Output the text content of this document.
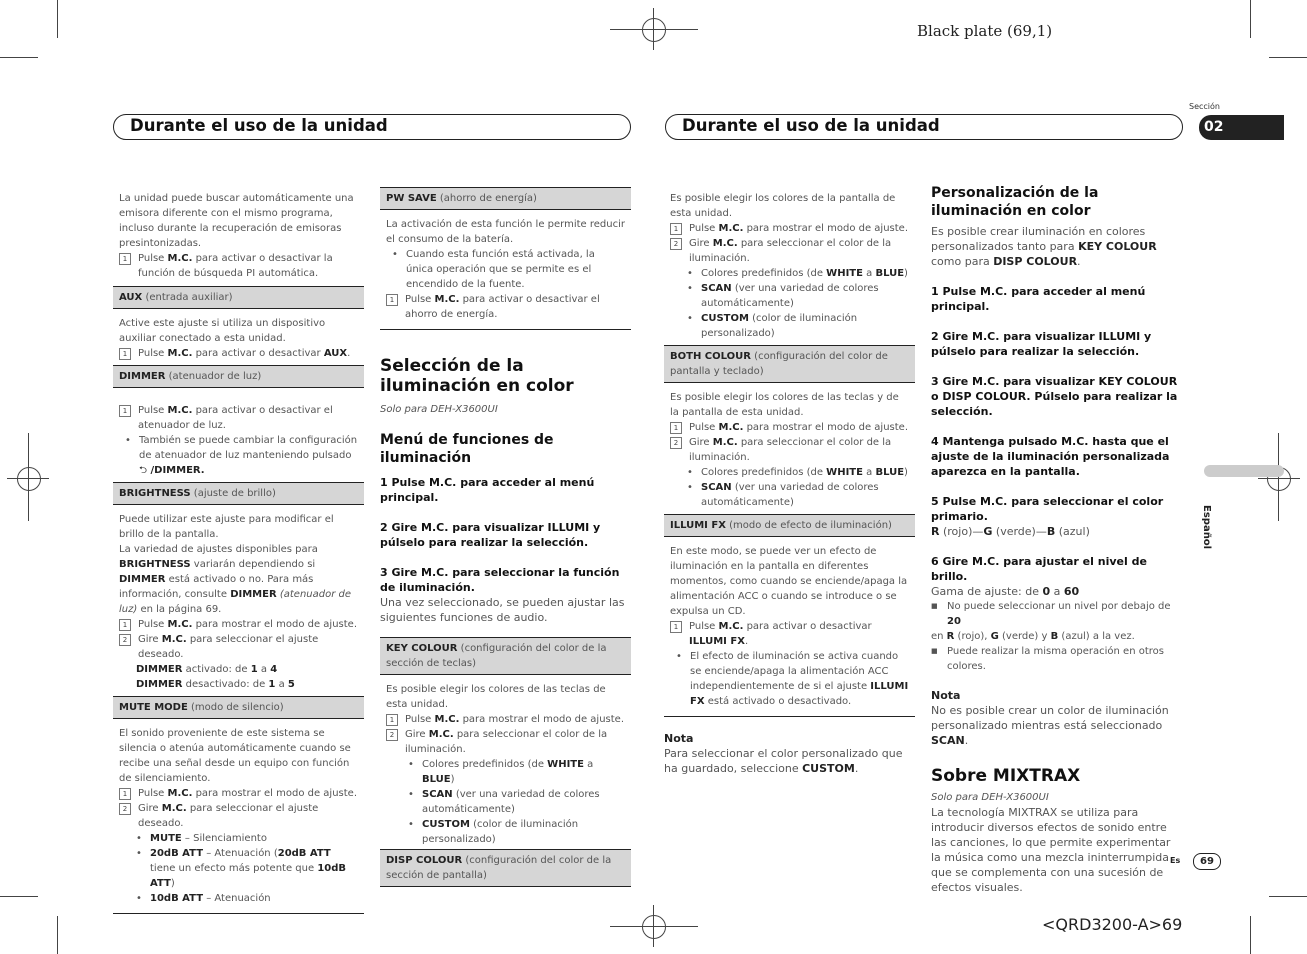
Black plate (69,1)
<QRD3200-A>69
Durante el uso de la unidad	Durante el uso de la unidad
Sección
02
Español
Es	69

La unidad puede buscar automáticamente una emisora diferente con el mismo programa, incluso durante la recuperación de emisoras presintonizadas.

1	Pulse M.C. para activar o desactivar la función de búsqueda PI automática.

AUX (entrada auxiliar)

Active este ajuste si utiliza un dispositivo auxiliar conectado a esta unidad.

1	Pulse M.C. para activar o desactivar AUX.

DIMMER (atenuador de luz)
1	Pulse M.C. para activar o desactivar el atenuador de luz.

• También se puede cambiar la configuración de atenuador de luz manteniendo pulsado ⮌ /DIMMER.

BRIGHTNESS (ajuste de brillo)

Puede utilizar este ajuste para modificar el brillo de la pantalla.

La variedad de ajustes disponibles para BRIGHTNESS variarán dependiendo si DIMMER está activado o no. Para más información, consulte DIMMER (atenuador de luz) en la página 69.

1	Pulse M.C. para mostrar el modo de ajuste.

2	Gire M.C. para seleccionar el ajuste deseado.

DIMMER activado: de 1 a 4

DIMMER desactivado: de 1 a 5

MUTE MODE (modo de silencio)

El sonido proveniente de este sistema se silencia o atenúa automáticamente cuando se recibe una señal desde un equipo con función de silenciamiento.

1	Pulse M.C. para mostrar el modo de ajuste.

2	Gire M.C. para seleccionar el ajuste deseado.

• MUTE – Silenciamiento

• 20dB ATT – Atenuación (20dB ATT tiene un efecto más potente que 10dB ATT)

• 10dB ATT – Atenuación

PW SAVE (ahorro de energía)

La activación de esta función le permite reducir el consumo de la batería.

• Cuando esta función está activada, la única operación que se permite es el encendido de la fuente.

1	Pulse M.C. para activar o desactivar el ahorro de energía.

Selección de la iluminación en color

Solo para DEH-X3600UI

Menú de funciones de iluminación

1 Pulse M.C. para acceder al menú principal.

2 Gire M.C. para visualizar ILLUMI y púlselo para realizar la selección.

3 Gire M.C. para seleccionar la función de iluminación.

Una vez seleccionado, se pueden ajustar las siguientes funciones de audio.

KEY COLOUR (configuración del color de la sección de teclas)

Es posible elegir los colores de las teclas de esta unidad.

1	Pulse M.C. para mostrar el modo de ajuste.

2	Gire M.C. para seleccionar el color de la iluminación.

• Colores predefinidos (de WHITE a BLUE)

• SCAN (ver una variedad de colores automáticamente)

• CUSTOM (color de iluminación personalizado)

DISP COLOUR (configuración del color de la sección de pantalla)

Es posible elegir los colores de la pantalla de esta unidad.

1	Pulse M.C. para mostrar el modo de ajuste.

2	Gire M.C. para seleccionar el color de la iluminación.

• Colores predefinidos (de WHITE a BLUE)

• SCAN (ver una variedad de colores automáticamente)

• CUSTOM (color de iluminación personalizado)

BOTH COLOUR (configuración del color de pantalla y teclado)

Es posible elegir los colores de las teclas y de la pantalla de esta unidad.

1	Pulse M.C. para mostrar el modo de ajuste.

2	Gire M.C. para seleccionar el color de la iluminación.

• Colores predefinidos (de WHITE a BLUE)

• SCAN (ver una variedad de colores automáticamente)

ILLUMI FX (modo de efecto de iluminación)

En este modo, se puede ver un efecto de iluminación en la pantalla en diferentes momentos, como cuando se enciende/apaga la alimentación ACC o cuando se introduce o se expulsa un CD.

1	Pulse M.C. para activar o desactivar ILLUMI FX.

• El efecto de iluminación se activa cuando se enciende/apaga la alimentación ACC independientemente de si el ajuste ILLUMI FX está activado o desactivado.

Nota

Para seleccionar el color personalizado que ha guardado, seleccione CUSTOM.

Personalización de la iluminación en color

Es posible crear iluminación en colores personalizados tanto para KEY COLOUR como para DISP COLOUR.

1 Pulse M.C. para acceder al menú principal.

2 Gire M.C. para visualizar ILLUMI y púlselo para realizar la selección.

3 Gire M.C. para visualizar KEY COLOUR o DISP COLOUR. Púlselo para realizar la selección.

4 Mantenga pulsado M.C. hasta que el ajuste de la iluminación personalizada aparezca en la pantalla.

5 Pulse M.C. para seleccionar el color primario.

R (rojo)—G (verde)—B (azul)

6 Gire M.C. para ajustar el nivel de brillo.

Gama de ajuste: de 0 a 60

■ No puede seleccionar un nivel por debajo de 20

en R (rojo), G (verde) y B (azul) a la vez.

■ Puede realizar la misma operación en otros colores.

Nota

No es posible crear un color de iluminación personalizado mientras está seleccionado SCAN.

Sobre MIXTRAX

Solo para DEH-X3600UI

La tecnología MIXTRAX se utiliza para introducir diversos efectos de sonido entre las canciones, lo que permite experimentar la música como una mezcla ininterrumpida que se complementa con una sucesión de efectos visuales.
